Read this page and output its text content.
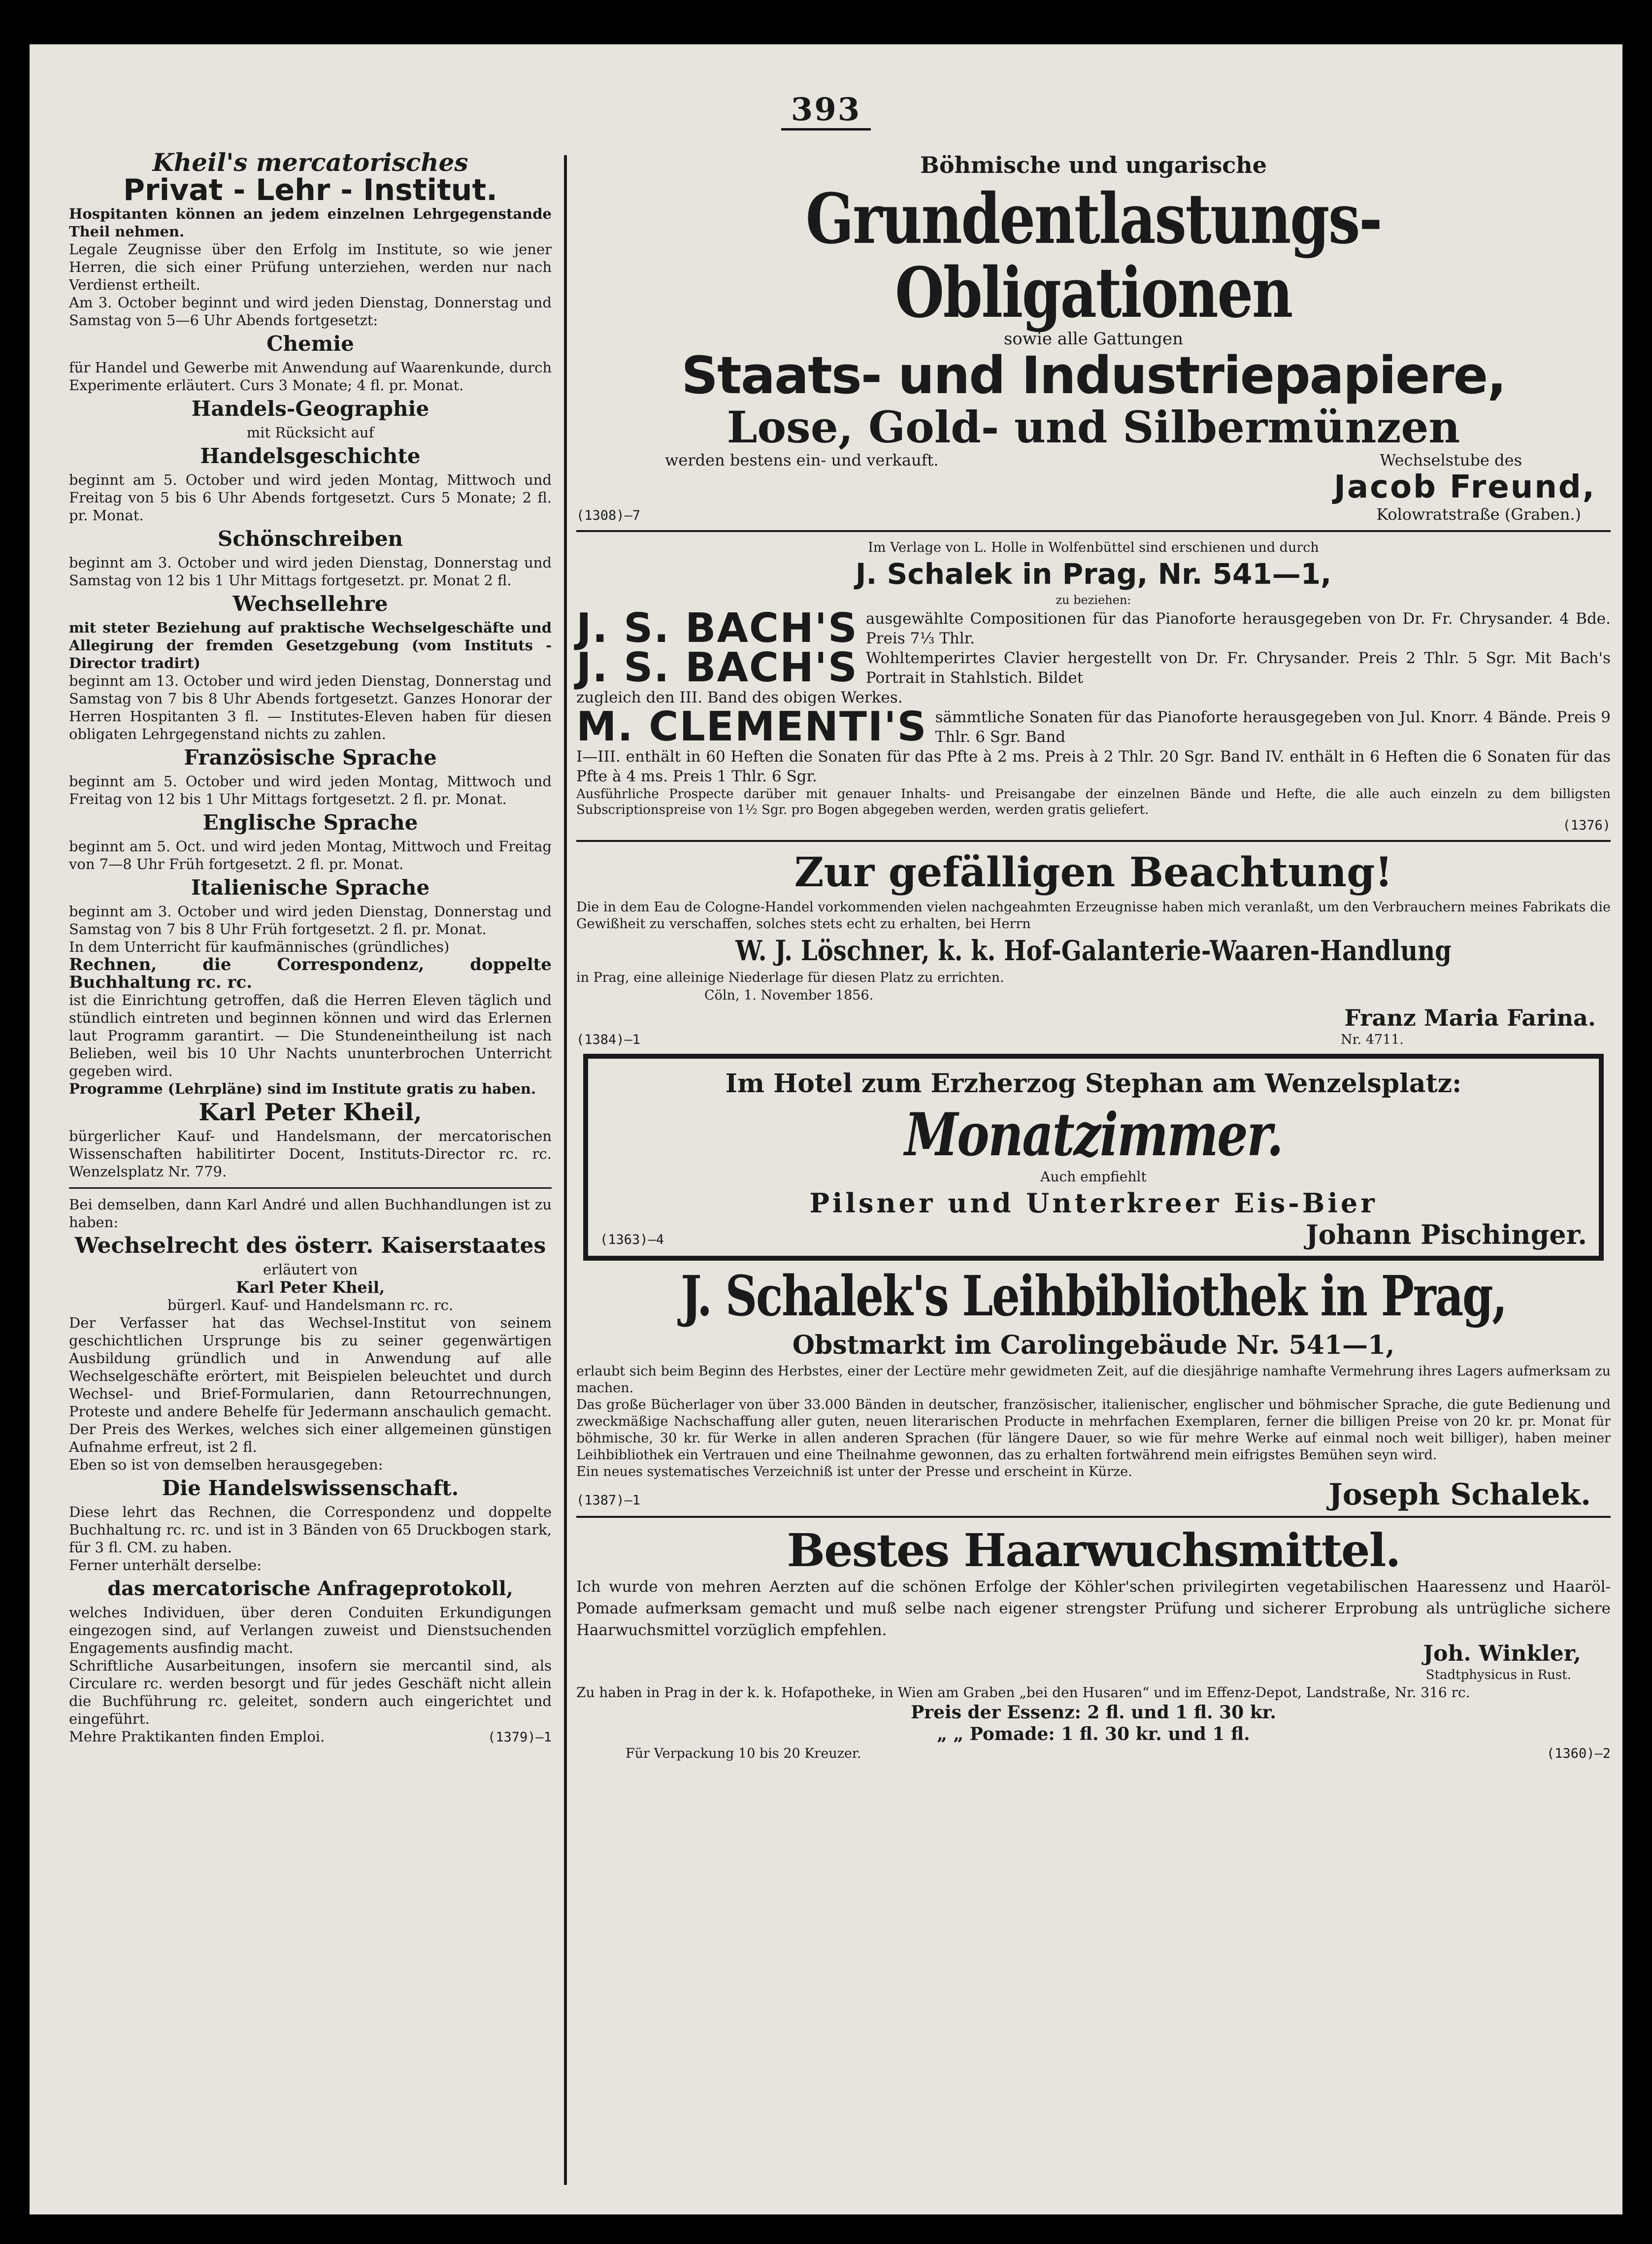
393

Kheil's mercatorisches

Privat - Lehr - Institut.

Hospitanten können an jedem einzelnen Lehrgegenstande Theil nehmen.

Legale Zeugnisse über den Erfolg im Institute, so wie jener Herren, die sich einer Prüfung unterziehen, werden nur nach Verdienst ertheilt.

Am 3. October beginnt und wird jeden Dienstag, Donnerstag und Samstag von 5—6 Uhr Abends fortgesetzt:

Chemie

für Handel und Gewerbe mit Anwendung auf Waarenkunde, durch Experimente erläutert. Curs 3 Monate; 4 fl. pr. Monat.

Handels-Geographie

mit Rücksicht auf

Handelsgeschichte

beginnt am 5. October und wird jeden Montag, Mittwoch und Freitag von 5 bis 6 Uhr Abends fortgesetzt. Curs 5 Monate; 2 fl. pr. Monat.

Schönschreiben

beginnt am 3. October und wird jeden Dienstag, Donnerstag und Samstag von 12 bis 1 Uhr Mittags fortgesetzt. pr. Monat 2 fl.

Wechsellehre

mit steter Beziehung auf praktische Wechselgeschäfte und Allegirung der fremden Gesetzgebung (vom Instituts - Director tradirt)

beginnt am 13. October und wird jeden Dienstag, Donnerstag und Samstag von 7 bis 8 Uhr Abends fortgesetzt. Ganzes Honorar der Herren Hospitanten 3 fl. — Institutes-Eleven haben für diesen obligaten Lehrgegenstand nichts zu zahlen.

Französische Sprache

beginnt am 5. October und wird jeden Montag, Mittwoch und Freitag von 12 bis 1 Uhr Mittags fortgesetzt. 2 fl. pr. Monat.

Englische Sprache

beginnt am 5. Oct. und wird jeden Montag, Mittwoch und Freitag von 7—8 Uhr Früh fortgesetzt. 2 fl. pr. Monat.

Italienische Sprache

beginnt am 3. October und wird jeden Dienstag, Donnerstag und Samstag von 7 bis 8 Uhr Früh fortgesetzt. 2 fl. pr. Monat.

In dem Unterricht für kaufmännisches (gründliches)

Rechnen, die Correspondenz, doppelte Buchhaltung rc. rc.

ist die Einrichtung getroffen, daß die Herren Eleven täglich und stündlich eintreten und beginnen können und wird das Erlernen laut Programm garantirt. — Die Stundeneintheilung ist nach Belieben, weil bis 10 Uhr Nachts ununterbrochen Unterricht gegeben wird.

Programme (Lehrpläne) sind im Institute gratis zu haben.

Karl Peter Kheil,

bürgerlicher Kauf- und Handelsmann, der mercatorischen Wissenschaften habilitirter Docent, Instituts-Director rc. rc. Wenzelsplatz Nr. 779.

Bei demselben, dann Karl André und allen Buchhandlungen ist zu haben:

Wechselrecht des österr. Kaiserstaates

erläutert von

Karl Peter Kheil,

bürgerl. Kauf- und Handelsmann rc. rc.

Der Verfasser hat das Wechsel-Institut von seinem geschichtlichen Ursprunge bis zu seiner gegenwärtigen Ausbildung gründlich und in Anwendung auf alle Wechselgeschäfte erörtert, mit Beispielen beleuchtet und durch Wechsel- und Brief-Formularien, dann Retourrechnungen, Proteste und andere Behelfe für Jedermann anschaulich gemacht. Der Preis des Werkes, welches sich einer allgemeinen günstigen Aufnahme erfreut, ist 2 fl.

Eben so ist von demselben herausgegeben:

Die Handelswissenschaft.

Diese lehrt das Rechnen, die Correspondenz und doppelte Buchhaltung rc. rc. und ist in 3 Bänden von 65 Druckbogen stark, für 3 fl. CM. zu haben.

Ferner unterhält derselbe:

das mercatorische Anfrageprotokoll,

welches Individuen, über deren Conduiten Erkundigungen eingezogen sind, auf Verlangen zuweist und Dienstsuchenden Engagements ausfindig macht.

Schriftliche Ausarbeitungen, insofern sie mercantil sind, als Circulare rc. werden besorgt und für jedes Geschäft nicht allein die Buchführung rc. geleitet, sondern auch eingerichtet und eingeführt.

Mehre Praktikanten finden Emploi.	(1379)—1

Böhmische und ungarische

Grundentlastungs-Obligationen

sowie alle Gattungen

Staats- und Industriepapiere,

Lose, Gold- und Silbermünzen

werden bestens ein- und verkauft.	Wechselstube des

Jacob Freund,

(1308)—7	Kolowratstraße (Graben.)

Im Verlage von L. Holle in Wolfenbüttel sind erschienen und durch

J. Schalek in Prag, Nr. 541—1,

zu beziehen:

J. S. BACH'S ausgewählte Compositionen für das Pianoforte herausgegeben von Dr. Fr. Chrysander. 4 Bde. Preis 7⅓ Thlr.

J. S. BACH'S Wohltemperirtes Clavier hergestellt von Dr. Fr. Chrysander. Preis 2 Thlr. 5 Sgr. Mit Bach's Portrait in Stahlstich. Bildet

zugleich den III. Band des obigen Werkes.

M. CLEMENTI'S sämmtliche Sonaten für das Pianoforte herausgegeben von Jul. Knorr. 4 Bände. Preis 9 Thlr. 6 Sgr. Band

I—III. enthält in 60 Heften die Sonaten für das Pfte à 2 ms. Preis à 2 Thlr. 20 Sgr. Band IV. enthält in 6 Heften die 6 Sonaten für das Pfte à 4 ms. Preis 1 Thlr. 6 Sgr.

Ausführliche Prospecte darüber mit genauer Inhalts- und Preisangabe der einzelnen Bände und Hefte, die alle auch einzeln zu dem billigsten Subscriptionspreise von 1½ Sgr. pro Bogen abgegeben werden, werden gratis geliefert.

(1376)

Zur gefälligen Beachtung!

Die in dem Eau de Cologne-Handel vorkommenden vielen nachgeahmten Erzeugnisse haben mich veranlaßt, um den Verbrauchern meines Fabrikats die Gewißheit zu verschaffen, solches stets echt zu erhalten, bei Herrn

W. J. Löschner, k. k. Hof-Galanterie-Waaren-Handlung

in Prag, eine alleinige Niederlage für diesen Platz zu errichten.

Cöln, 1. November 1856.

Franz Maria Farina.

(1384)—1	Nr. 4711.

Im Hotel zum Erzherzog Stephan am Wenzelsplatz:

Monatzimmer.

Auch empfiehlt

Pilsner und Unterkreer Eis-Bier

(1363)—4	Johann Pischinger.

J. Schalek's Leihbibliothek in Prag,

Obstmarkt im Carolingebäude Nr. 541—1,

erlaubt sich beim Beginn des Herbstes, einer der Lectüre mehr gewidmeten Zeit, auf die diesjährige namhafte Vermehrung ihres Lagers aufmerksam zu machen.

Das große Bücherlager von über 33.000 Bänden in deutscher, französischer, italienischer, englischer und böhmischer Sprache, die gute Bedienung und zweckmäßige Nachschaffung aller guten, neuen literarischen Producte in mehrfachen Exemplaren, ferner die billigen Preise von 20 kr. pr. Monat für böhmische, 30 kr. für Werke in allen anderen Sprachen (für längere Dauer, so wie für mehre Werke auf einmal noch weit billiger), haben meiner Leihbibliothek ein Vertrauen und eine Theilnahme gewonnen, das zu erhalten fortwährend mein eifrigstes Bemühen seyn wird.

Ein neues systematisches Verzeichniß ist unter der Presse und erscheint in Kürze.

(1387)—1	Joseph Schalek.

Bestes Haarwuchsmittel.

Ich wurde von mehren Aerzten auf die schönen Erfolge der Köhler'schen privilegirten vegetabilischen Haaressenz und Haaröl-Pomade aufmerksam gemacht und muß selbe nach eigener strengster Prüfung und sicherer Erprobung als untrügliche sichere Haarwuchsmittel vorzüglich empfehlen.

Joh. Winkler,

Stadtphysicus in Rust.

Zu haben in Prag in der k. k. Hofapotheke, in Wien am Graben „bei den Husaren“ und im Effenz-Depot, Landstraße, Nr. 316 rc.

Preis der Essenz: 2 fl. und 1 fl. 30 kr.

„ „ Pomade: 1 fl. 30 kr. und 1 fl.

Für Verpackung 10 bis 20 Kreuzer.	(1360)—2
